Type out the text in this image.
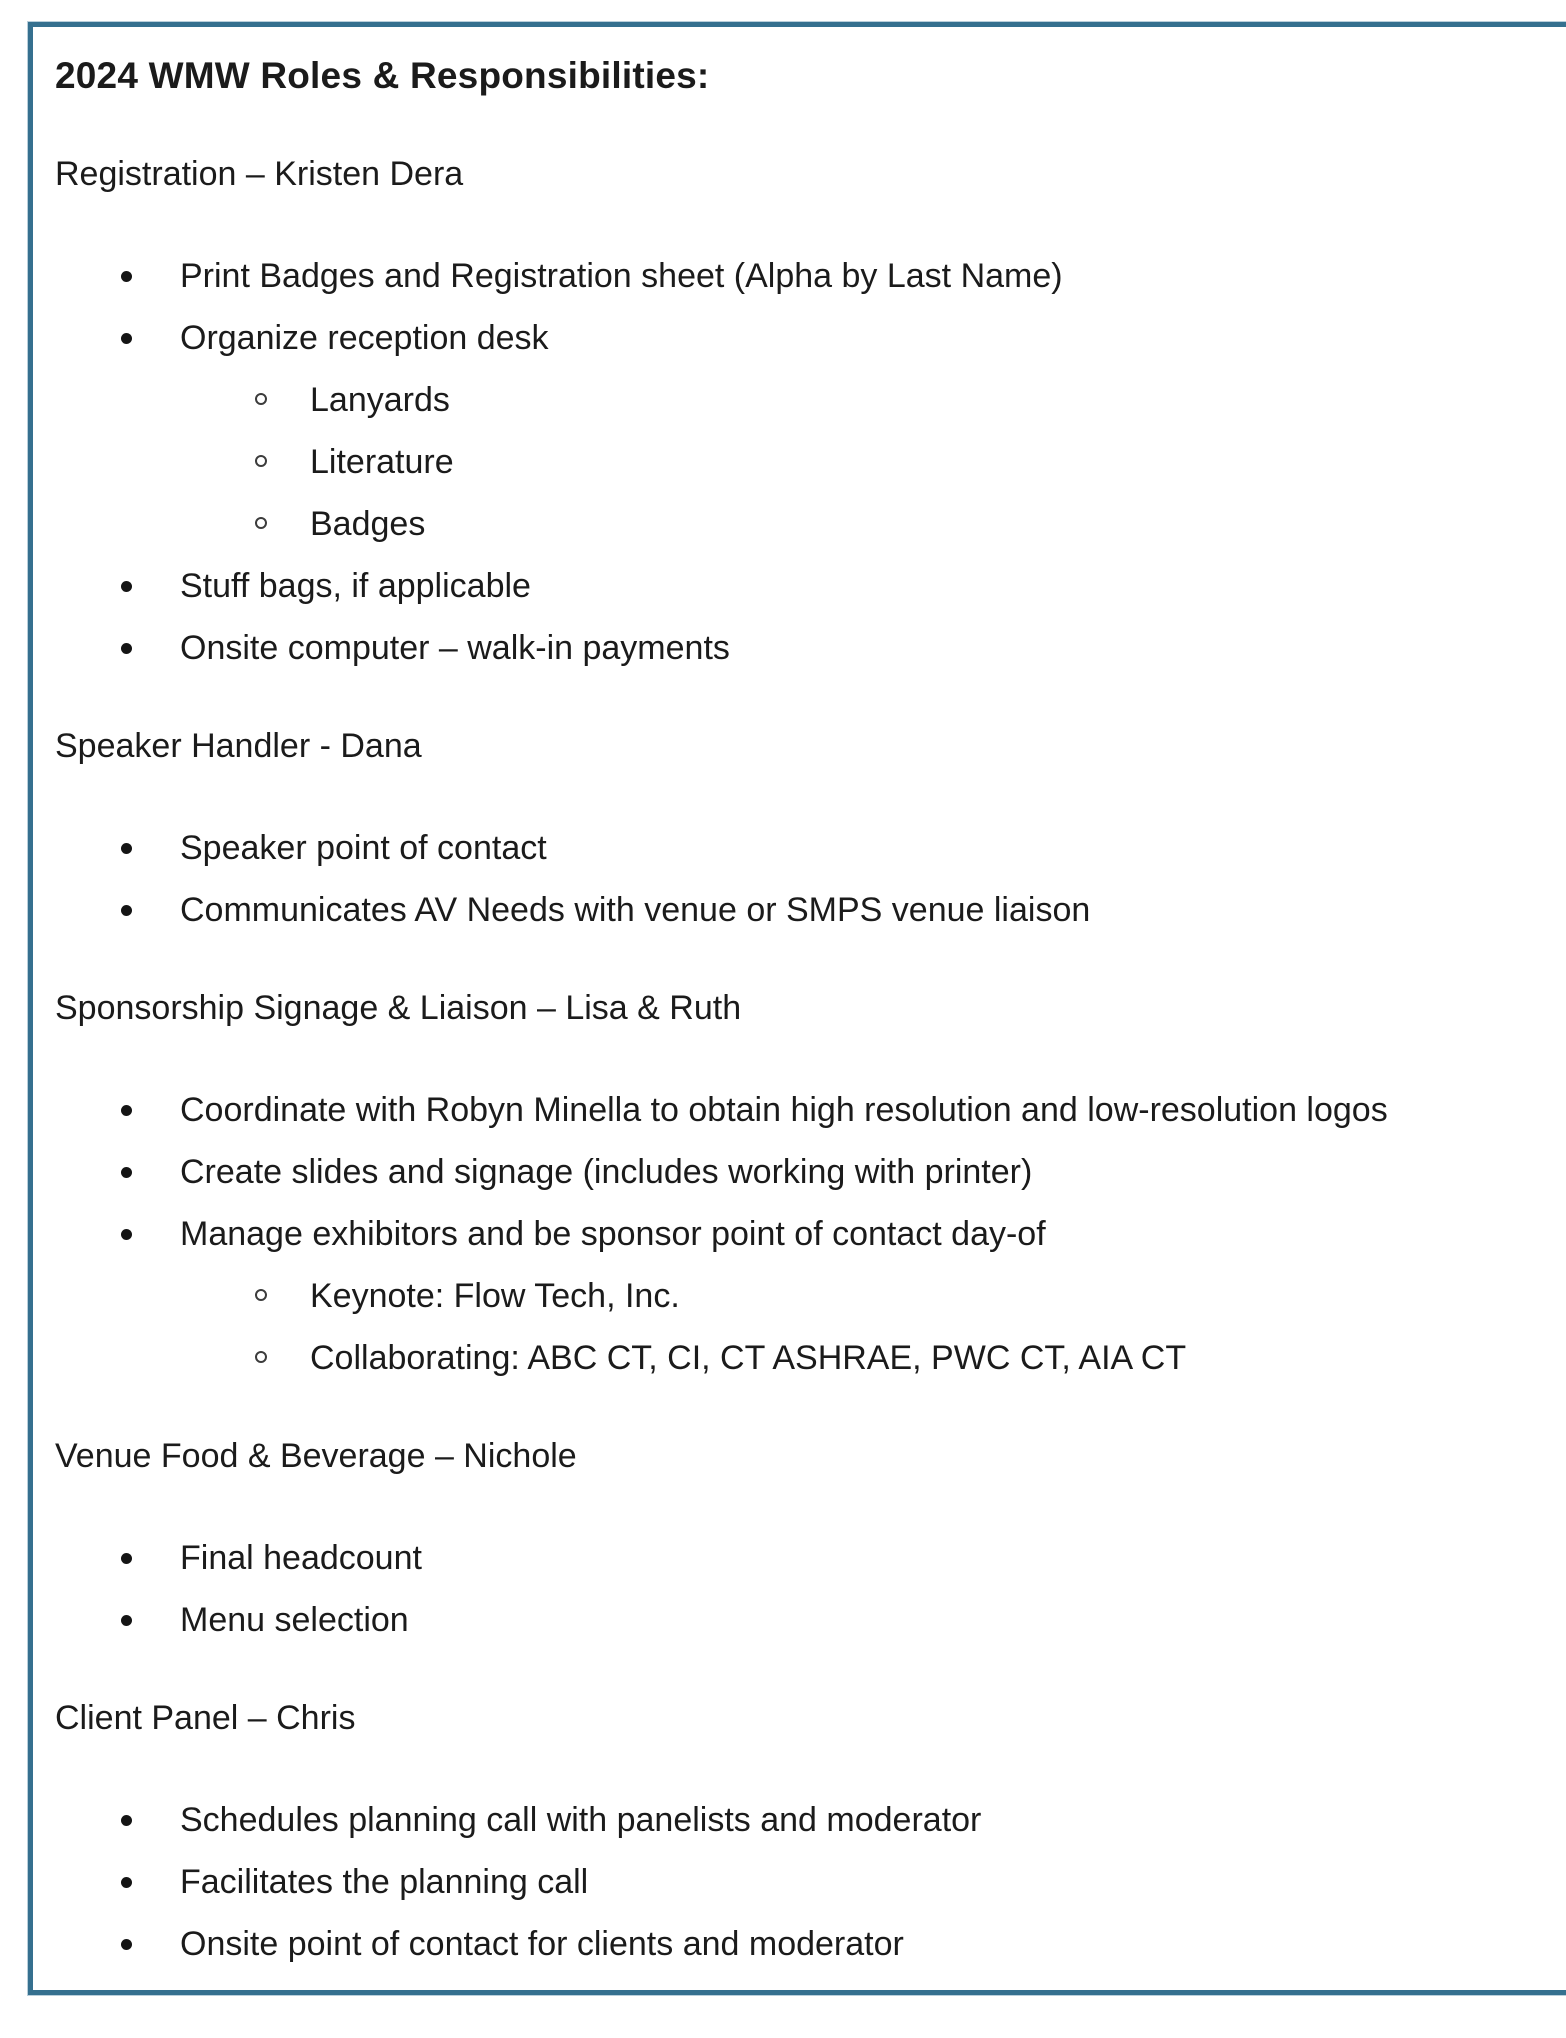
2024 WMW Roles & Responsibilities:

Registration – Kristen Dera

Print Badges and Registration sheet (Alpha by Last Name)
Organize reception desk
Lanyards
Literature
Badges
Stuff bags, if applicable
Onsite computer – walk-in payments

Speaker Handler - Dana

Speaker point of contact
Communicates AV Needs with venue or SMPS venue liaison

Sponsorship Signage & Liaison – Lisa & Ruth

Coordinate with Robyn Minella to obtain high resolution and low-resolution logos
Create slides and signage (includes working with printer)
Manage exhibitors and be sponsor point of contact day-of
Keynote: Flow Tech, Inc.
Collaborating: ABC CT, CI, CT ASHRAE, PWC CT, AIA CT

Venue Food & Beverage – Nichole

Final headcount
Menu selection

Client Panel – Chris

Schedules planning call with panelists and moderator
Facilitates the planning call
Onsite point of contact for clients and moderator
